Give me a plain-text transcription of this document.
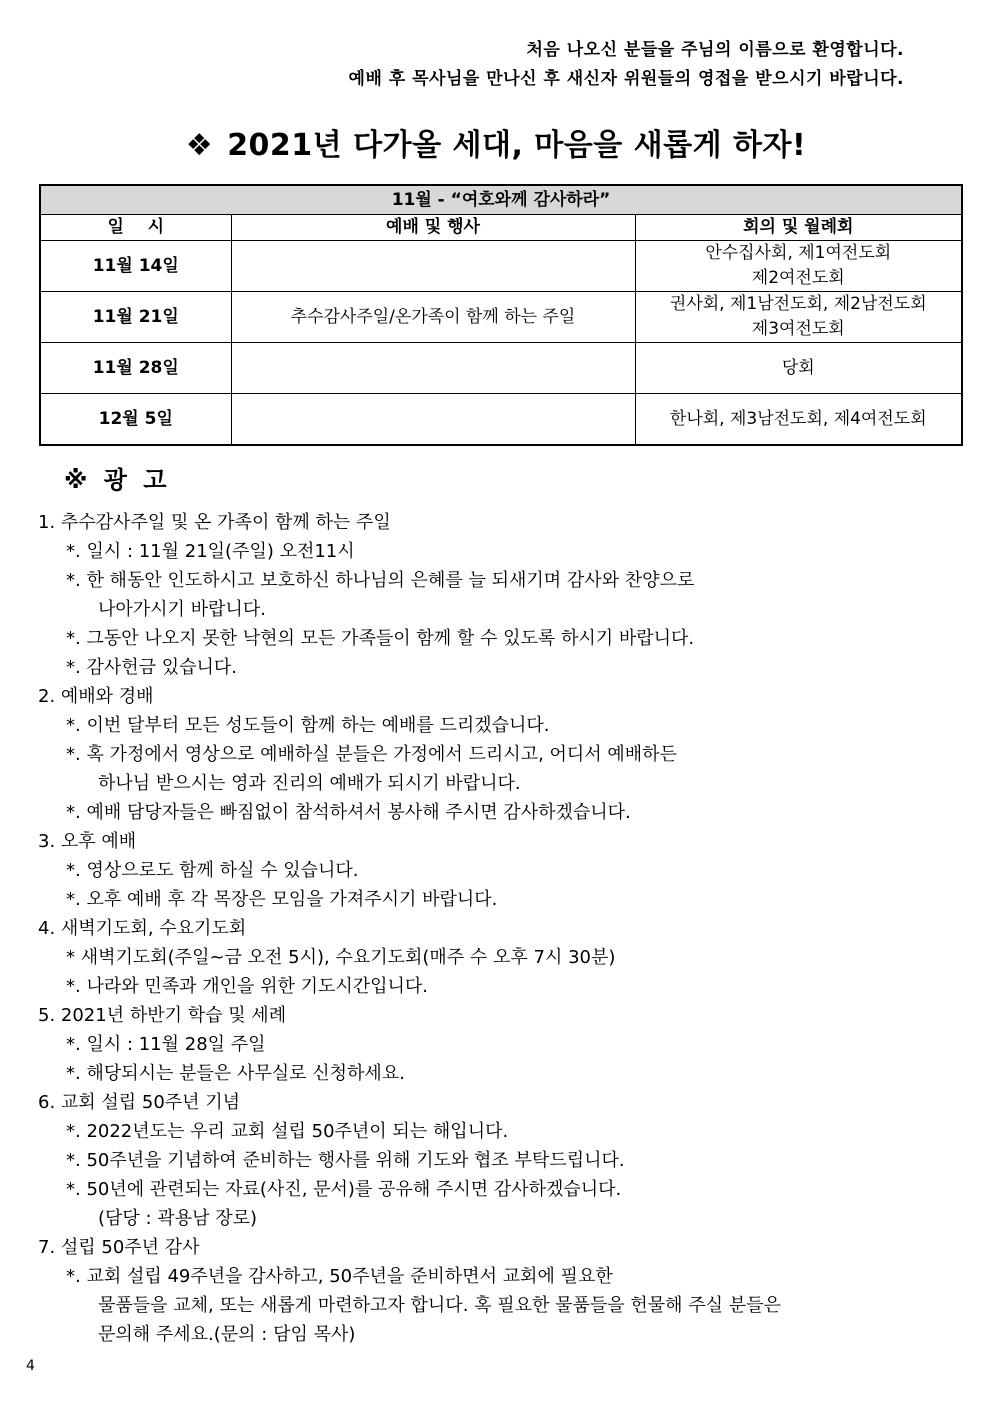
처음 나오신 분들을 주님의 이름으로 환영합니다.
예배 후 목사님을 만나신 후 새신자 위원들의 영접을 받으시기 바랍니다.
❖ 2021년 다가올 세대, 마음을 새롭게 하자!
11월 - “여호와께 감사하라”		
일    시	예배 및 행사	회의 및 월례회
11월 14일		안수집사회, 제1여전도회
제2여전도회

11월 21일	추수감사주일/온가족이 함께 하는 주일	권사회, 제1남전도회, 제2남전도회
제3여전도회

11월 28일		당회
12월 5일		한나회, 제3남전도회, 제4여전도회
※ 광 고
1. 추수감사주일 및 온 가족이 함께 하는 주일
*. 일시 : 11월 21일(주일) 오전11시
*. 한 해동안 인도하시고 보호하신 하나님의 은혜를 늘 되새기며 감사와 찬양으로
나아가시기 바랍니다.
*. 그동안 나오지 못한 낙현의 모든 가족들이 함께 할 수 있도록 하시기 바랍니다.
*. 감사헌금 있습니다.
2. 예배와 경배
*. 이번 달부터 모든 성도들이 함께 하는 예배를 드리겠습니다.
*. 혹 가정에서 영상으로 예배하실 분들은 가정에서 드리시고, 어디서 예배하든
하나님 받으시는 영과 진리의 예배가 되시기 바랍니다.
*. 예배 담당자들은 빠짐없이 참석하셔서 봉사해 주시면 감사하겠습니다.
3. 오후 예배
*. 영상으로도 함께 하실 수 있습니다.
*. 오후 예배 후 각 목장은 모임을 가져주시기 바랍니다.
4. 새벽기도회, 수요기도회
* 새벽기도회(주일~금 오전 5시), 수요기도회(매주 수 오후 7시 30분)
*. 나라와 민족과 개인을 위한 기도시간입니다.
5. 2021년 하반기 학습 및 세례
*. 일시 : 11월 28일 주일
*. 해당되시는 분들은 사무실로 신청하세요.
6. 교회 설립 50주년 기념
*. 2022년도는 우리 교회 설립 50주년이 되는 해입니다.
*. 50주년을 기념하여 준비하는 행사를 위해 기도와 협조 부탁드립니다.
*. 50년에 관련되는 자료(사진, 문서)를 공유해 주시면 감사하겠습니다.
(담당 : 곽용남 장로)
7. 설립 50주년 감사
*. 교회 설립 49주년을 감사하고, 50주년을 준비하면서 교회에 필요한
물품들을 교체, 또는 새롭게 마련하고자 합니다. 혹 필요한 물품들을 헌물해 주실 분들은
문의해 주세요.(문의 : 담임 목사)
4
